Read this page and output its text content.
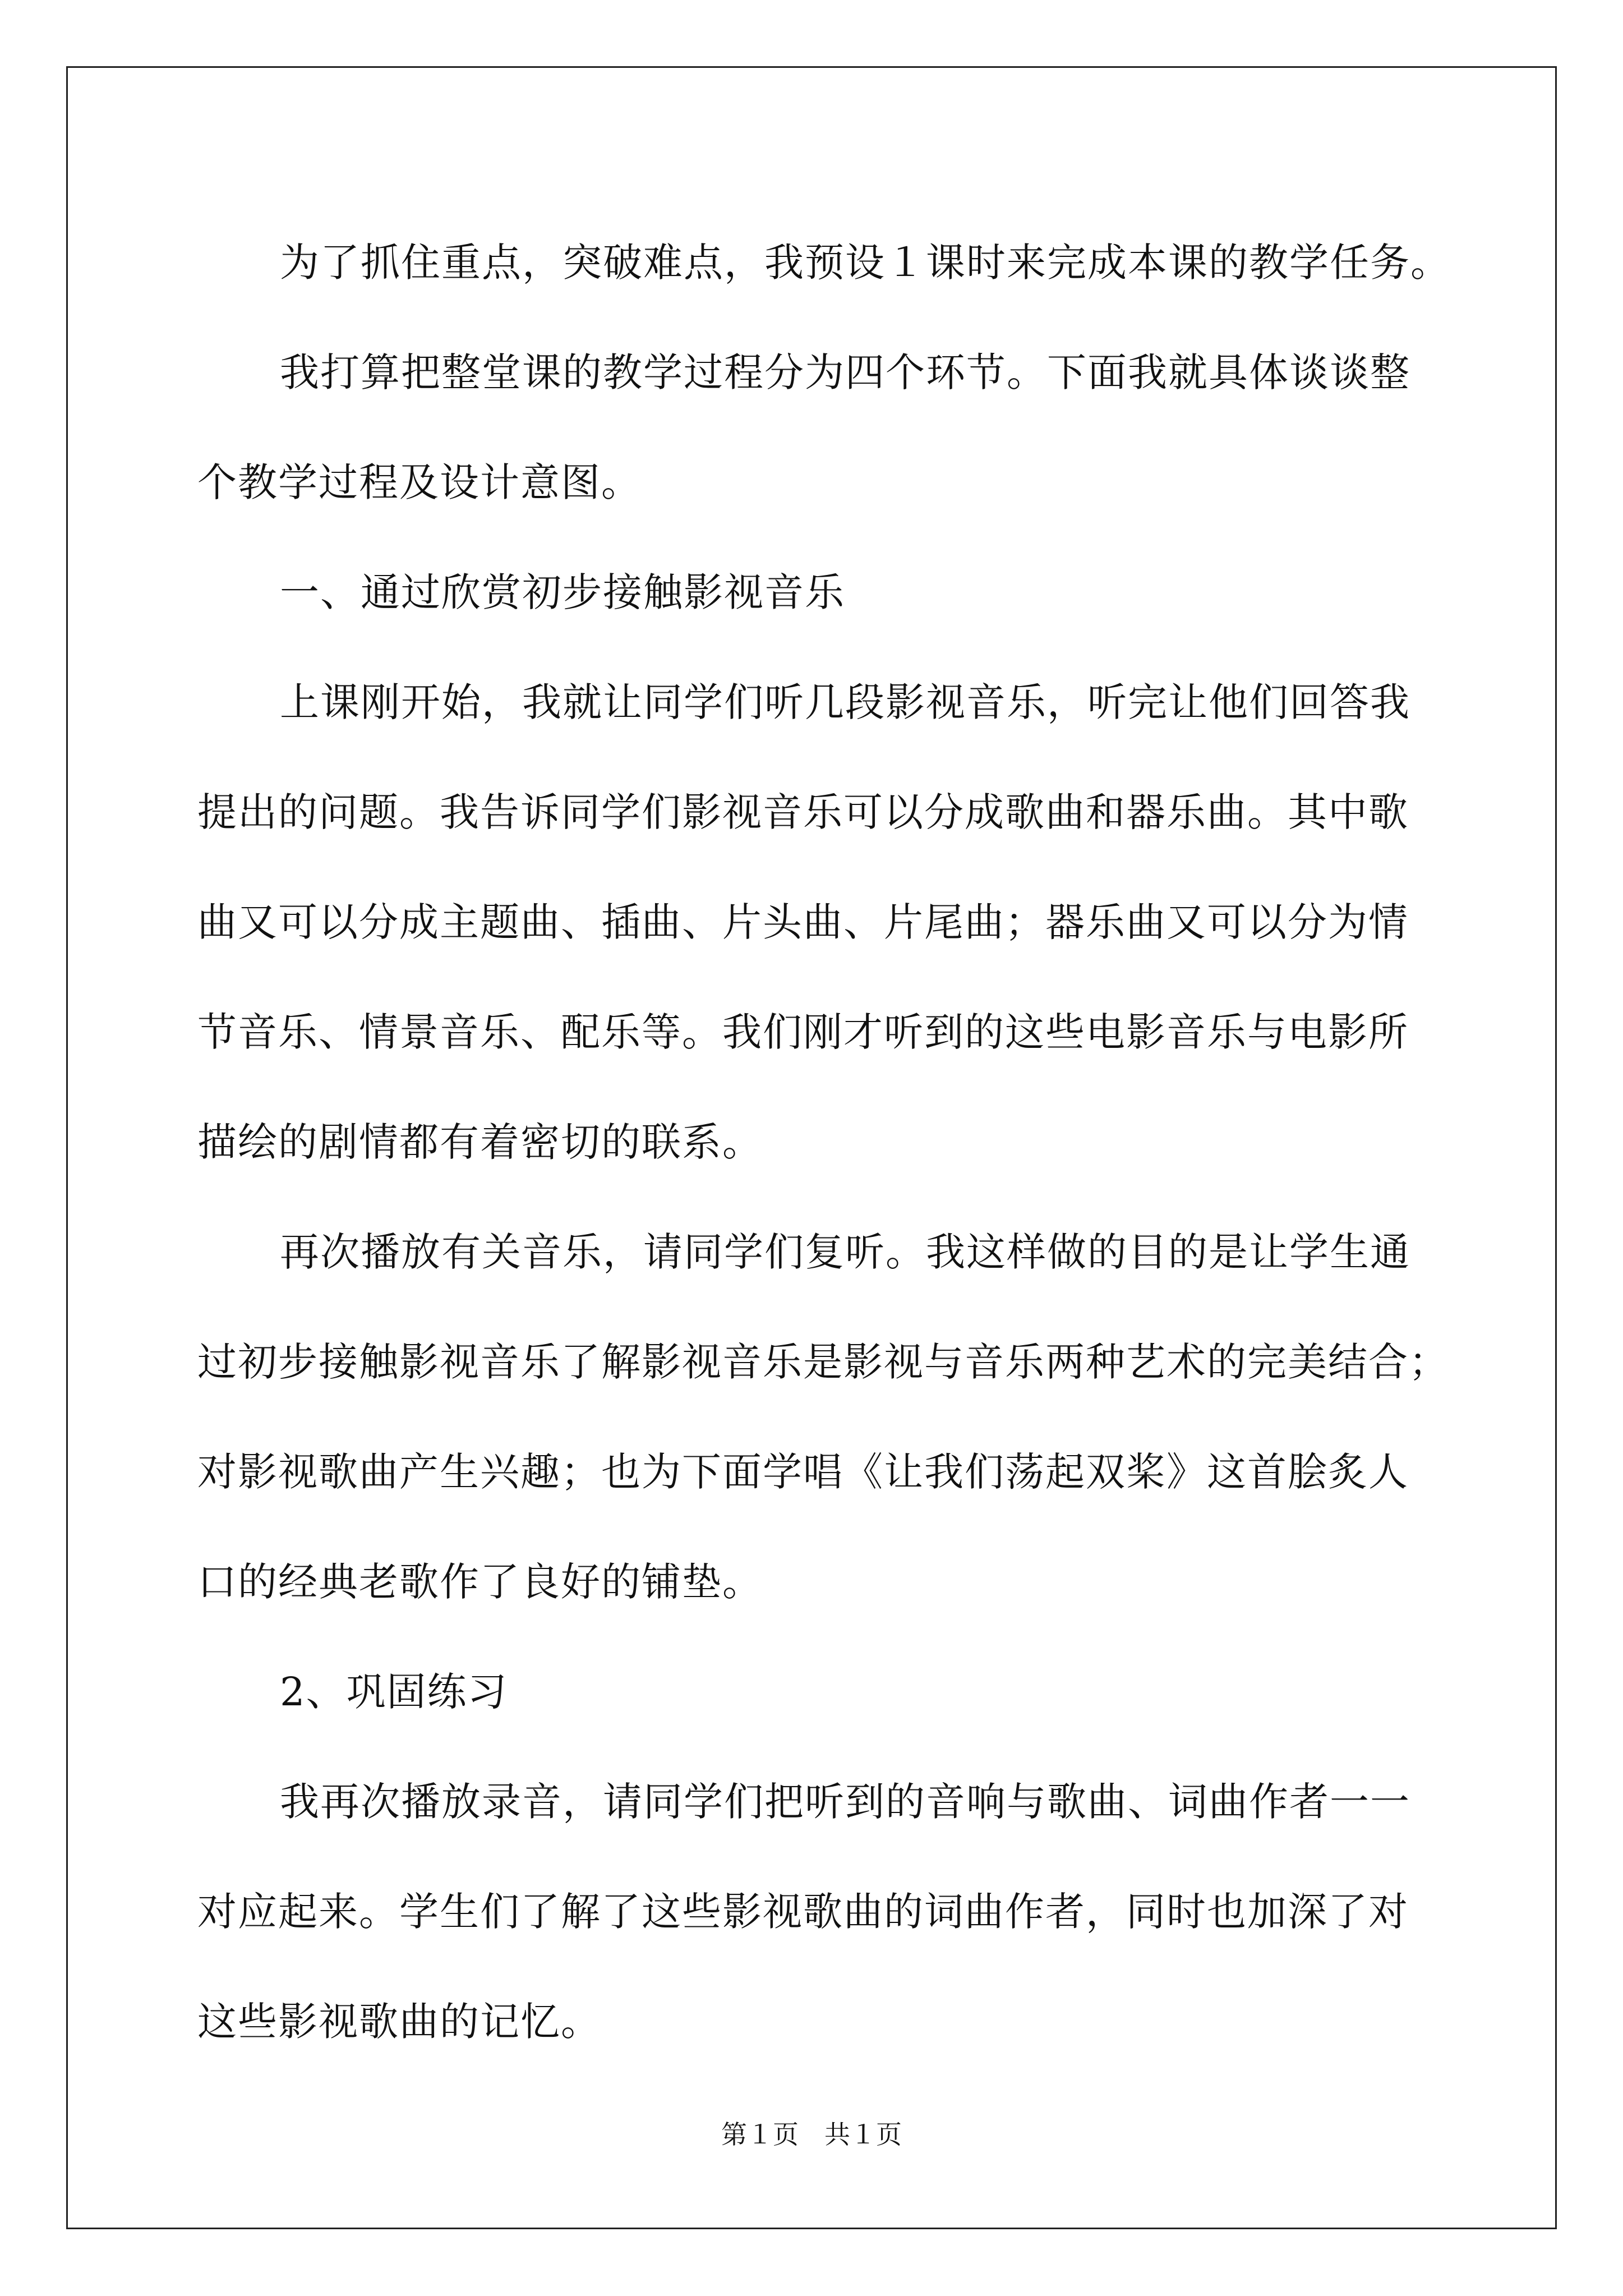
为了抓住重点，突破难点，我预设１课时来完成本课的教学任务。
我打算把整堂课的教学过程分为四个环节。下面我就具体谈谈整
个教学过程及设计意图。
一、通过欣赏初步接触影视音乐
上课刚开始，我就让同学们听几段影视音乐，听完让他们回答我
提出的问题。我告诉同学们影视音乐可以分成歌曲和器乐曲。其中歌
曲又可以分成主题曲、插曲、片头曲、片尾曲；器乐曲又可以分为情
节音乐、情景音乐、配乐等。我们刚才听到的这些电影音乐与电影所
描绘的剧情都有着密切的联系。
再次播放有关音乐，请同学们复听。我这样做的目的是让学生通
过初步接触影视音乐了解影视音乐是影视与音乐两种艺术的完美结合；
对影视歌曲产生兴趣；也为下面学唱《让我们荡起双桨》这首脍炙人
口的经典老歌作了良好的铺垫。
2、巩固练习
我再次播放录音，请同学们把听到的音响与歌曲、词曲作者一一
对应起来。学生们了解了这些影视歌曲的词曲作者，同时也加深了对
这些影视歌曲的记忆。
第１页　共１页
